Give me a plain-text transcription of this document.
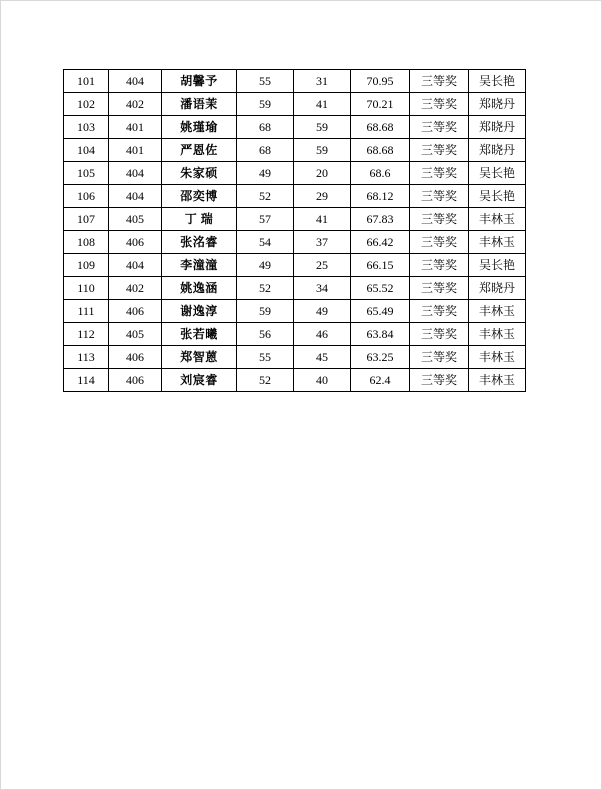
101	404	胡馨予	55	31	70.95	三等奖	吴长艳
102	402	潘语茉	59	41	70.21	三等奖	郑晓丹
103	401	姚瑾瑜	68	59	68.68	三等奖	郑晓丹
104	401	严恩佐	68	59	68.68	三等奖	郑晓丹
105	404	朱家硕	49	20	68.6	三等奖	吴长艳
106	404	邵奕博	52	29	68.12	三等奖	吴长艳
107	405	丁 瑞	57	41	67.83	三等奖	丰林玉
108	406	张洺睿	54	37	66.42	三等奖	丰林玉
109	404	李潼潼	49	25	66.15	三等奖	吴长艳
110	402	姚逸涵	52	34	65.52	三等奖	郑晓丹
111	406	谢逸淳	59	49	65.49	三等奖	丰林玉
112	405	张若曦	56	46	63.84	三等奖	丰林玉
113	406	郑智蒽	55	45	63.25	三等奖	丰林玉
114	406	刘宸睿	52	40	62.4	三等奖	丰林玉
